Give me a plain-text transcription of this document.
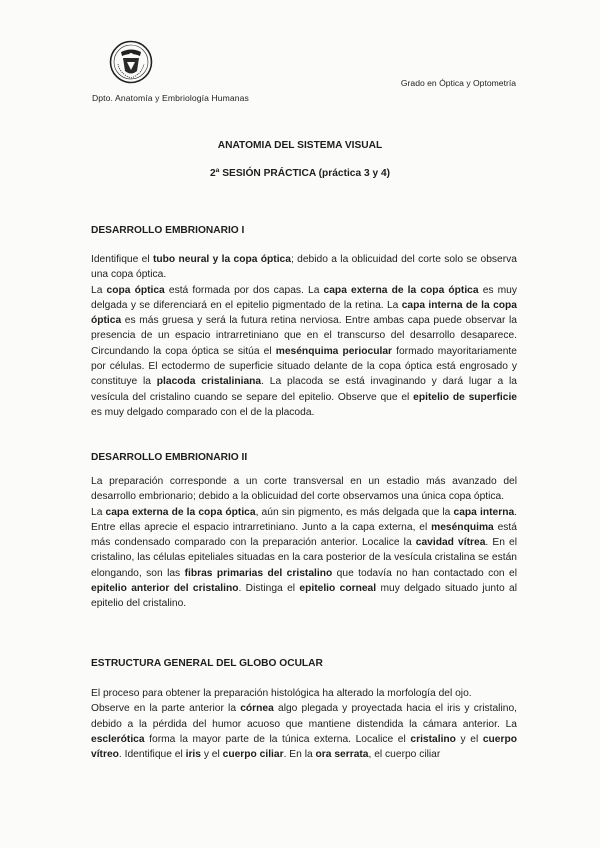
Dpto. Anatomía y Embriología Humanas
Grado en Óptica y Optometría
ANATOMIA DEL SISTEMA VISUAL
2ª SESIÓN PRÁCTICA (práctica 3 y 4)
DESARROLLO EMBRIONARIO I

Identifique el tubo neural y la copa óptica; debido a la oblicuidad del corte solo se observa una copa óptica.
La copa óptica está formada por dos capas. La capa externa de la copa óptica es muy delgada y se diferenciará en el epitelio pigmentado de la retina. La capa interna de la copa óptica es más gruesa y será la futura retina nerviosa. Entre ambas capa puede observar la presencia de un espacio intrarretiniano que en el transcurso del desarrollo desaparece. Circundando la copa óptica se sitúa el mesénquima periocular formado mayoritariamente por células. El ectodermo de superficie situado delante de la copa óptica está engrosado y constituye la placoda cristaliniana. La placoda se está invaginando y dará lugar a la vesícula del cristalino cuando se separe del epitelio. Observe que el epitelio de superficie es muy delgado comparado con el de la placoda.

DESARROLLO EMBRIONARIO II

La preparación corresponde a un corte transversal en un estadio más avanzado del desarrollo embrionario; debido a la oblicuidad del corte observamos una única copa óptica.
La capa externa de la copa óptica, aún sin pigmento, es más delgada que la capa interna. Entre ellas aprecie el espacio intrarretiniano. Junto a la capa externa, el mesénquima está más condensado comparado con la preparación anterior. Localice la cavidad vítrea. En el cristalino, las células epiteliales situadas en la cara posterior de la vesícula cristalina se están elongando, son las fibras primarias del cristalino que todavía no han contactado con el epitelio anterior del cristalino. Distinga el epitelio corneal muy delgado situado junto al epitelio del cristalino.

ESTRUCTURA GENERAL DEL GLOBO OCULAR

El proceso para obtener la preparación histológica ha alterado la morfología del ojo.
Observe en la parte anterior la córnea algo plegada y proyectada hacia el iris y cristalino, debido a la pérdida del humor acuoso que mantiene distendida la cámara anterior. La esclerótica forma la mayor parte de la túnica externa. Localice el cristalino y el cuerpo vítreo. Identifique el iris y el cuerpo ciliar. En la ora serrata, el cuerpo ciliar
